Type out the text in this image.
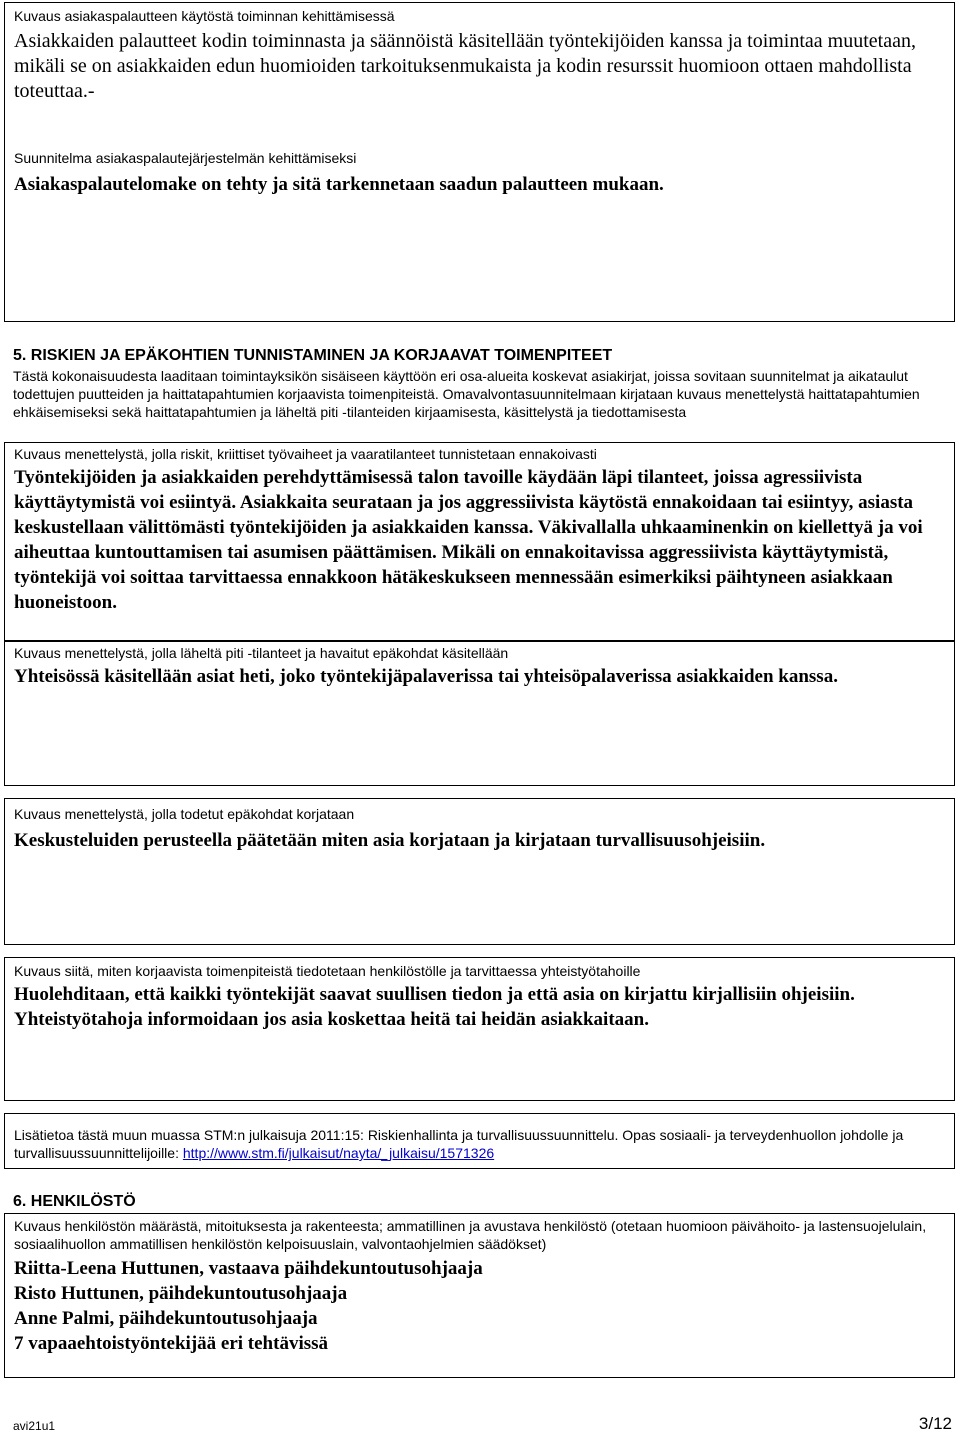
Kuvaus asiakaspalautteen käytöstä toiminnan kehittämisessä
Asiakkaiden palautteet kodin toiminnasta ja säännöistä käsitellään työntekijöiden kanssa ja toimintaa muutetaan, mikäli se on asiakkaiden edun huomioiden tarkoituksenmukaista ja kodin resurssit huomioon ottaen mahdollista toteuttaa.-
Suunnitelma asiakaspalautejärjestelmän kehittämiseksi
Asiakaspalautelomake on tehty ja sitä tarkennetaan saadun palautteen mukaan.
5. RISKIEN JA EPÄKOHTIEN TUNNISTAMINEN JA KORJAAVAT TOIMENPITEET
Tästä kokonaisuudesta laaditaan toimintayksikön sisäiseen käyttöön eri osa-alueita koskevat asiakirjat, joissa sovitaan suunnitelmat ja aikataulut todettujen puutteiden ja haittatapahtumien korjaavista toimenpiteistä. Omavalvontasuunnitelmaan kirjataan kuvaus menettelystä haittatapahtumien ehkäisemiseksi sekä haittatapahtumien ja läheltä piti -tilanteiden kirjaamisesta, käsittelystä ja tiedottamisesta
Kuvaus menettelystä, jolla riskit, kriittiset työvaiheet ja vaaratilanteet tunnistetaan ennakoivasti
Työntekijöiden ja asiakkaiden perehdyttämisessä talon tavoille käydään läpi tilanteet, joissa agressiivista käyttäytymistä voi esiintyä. Asiakkaita seurataan ja jos aggressiivista käytöstä ennakoidaan tai esiintyy, asiasta keskustellaan välittömästi työntekijöiden ja asiakkaiden kanssa. Väkivallalla uhkaaminenkin on kiellettyä ja voi aiheuttaa kuntouttamisen tai asumisen päättämisen. Mikäli on ennakoitavissa aggressiivista käyttäytymistä, työntekijä voi soittaa tarvittaessa ennakkoon hätäkeskukseen mennessään esimerkiksi päihtyneen asiakkaan huoneistoon.
Kuvaus menettelystä, jolla läheltä piti -tilanteet ja havaitut epäkohdat käsitellään
Yhteisössä käsitellään asiat heti, joko työntekijäpalaverissa tai yhteisöpalaverissa asiakkaiden kanssa.
Kuvaus menettelystä, jolla todetut epäkohdat korjataan
Keskusteluiden perusteella päätetään miten asia korjataan ja kirjataan turvallisuusohjeisiin.
Kuvaus siitä, miten korjaavista toimenpiteistä tiedotetaan henkilöstölle ja tarvittaessa yhteistyötahoille
Huolehditaan, että kaikki työntekijät saavat suullisen tiedon ja että asia on kirjattu kirjallisiin ohjeisiin. Yhteistyötahoja informoidaan jos asia koskettaa heitä tai heidän asiakkaitaan.
Lisätietoa tästä muun muassa STM:n julkaisuja 2011:15: Riskienhallinta ja turvallisuussuunnittelu. Opas sosiaali- ja terveydenhuollon johdolle ja turvallisuussuunnittelijoille: http://www.stm.fi/julkaisut/nayta/_julkaisu/1571326
6. HENKILÖSTÖ
Kuvaus henkilöstön määrästä, mitoituksesta ja rakenteesta; ammatillinen ja avustava henkilöstö (otetaan huomioon päivähoito- ja lastensuojelulain, sosiaalihuollon ammatillisen henkilöstön kelpoisuuslain, valvontaohjelmien säädökset)
Riitta-Leena Huttunen, vastaava päihdekuntoutusohjaaja
Risto Huttunen, päihdekuntoutusohjaaja
Anne Palmi, päihdekuntoutusohjaaja
7 vapaaehtoistyöntekijää eri tehtävissä
avi21u1	3/12
